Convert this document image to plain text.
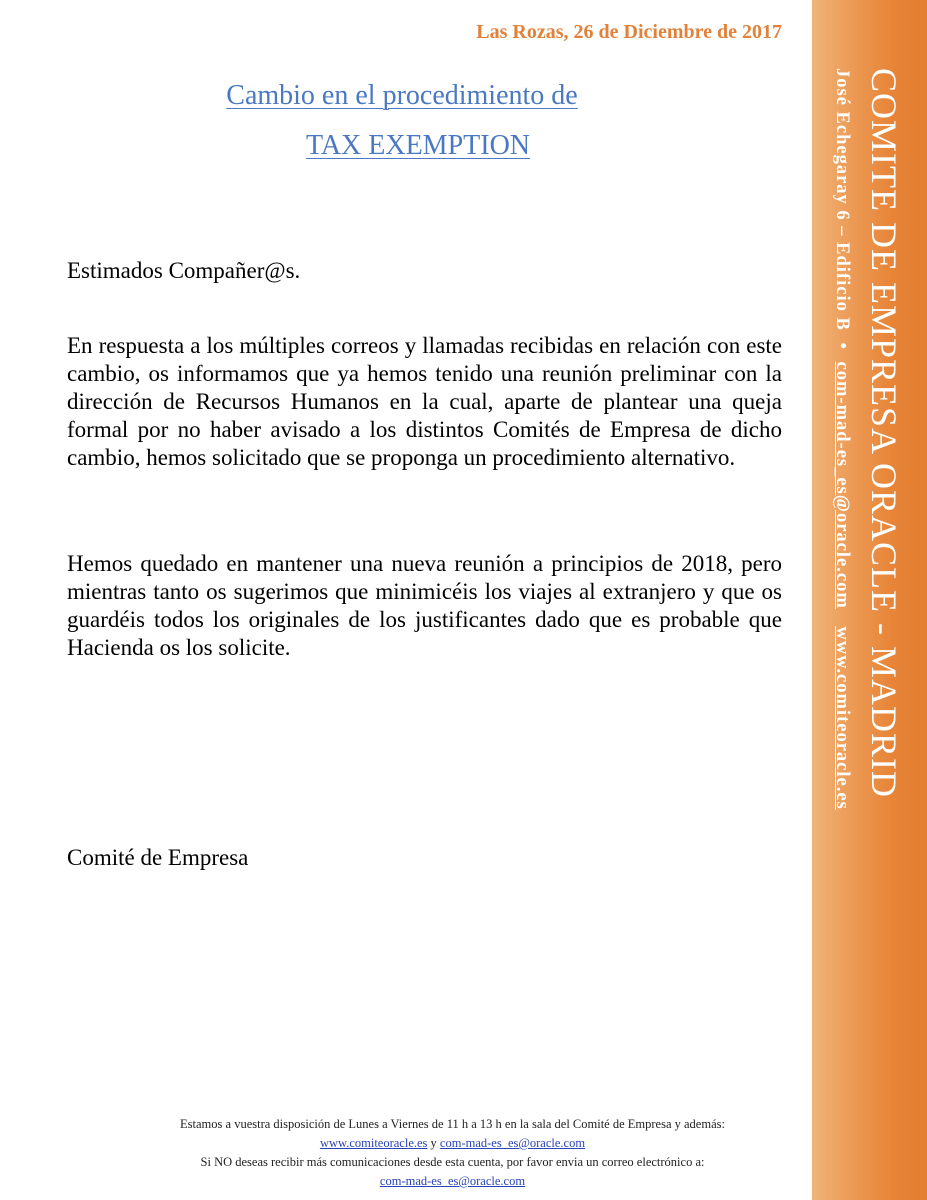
Las Rozas, 26 de Diciembre de 2017
Cambio en el procedimiento de
TAX EXEMPTION
Estimados Compañer@s.

En respuesta a los múltiples correos y llamadas recibidas en relación con este cambio, os informamos que ya hemos tenido una reunión preliminar con la dirección de Recursos Humanos en la cual, aparte de plantear una queja formal por no haber avisado a los distintos Comités de Empresa de dicho cambio, hemos solicitado que se proponga un procedimiento alternativo.

Hemos quedado en mantener una nueva reunión a principios de 2018, pero mientras tanto os sugerimos que minimicéis los viajes al extranjero y que os guardéis todos los originales de los justificantes dado que es probable que Hacienda os los solicite.

Comité de Empresa
Estamos a vuestra disposición de Lunes a Viernes de 11 h a 13 h en la sala del Comité de Empresa y además:
www.comiteoracle.es y com-mad-es_es@oracle.com
Si NO deseas recibir más comunicaciones desde esta cuenta, por favor envia un correo electrónico a:
com-mad-es_es@oracle.com
COMITE DE EMPRESA ORACLE - MADRID
José Echegaray 6 – Edificio B • com-mad-es_es@oracle.com www.comiteoracle.es
